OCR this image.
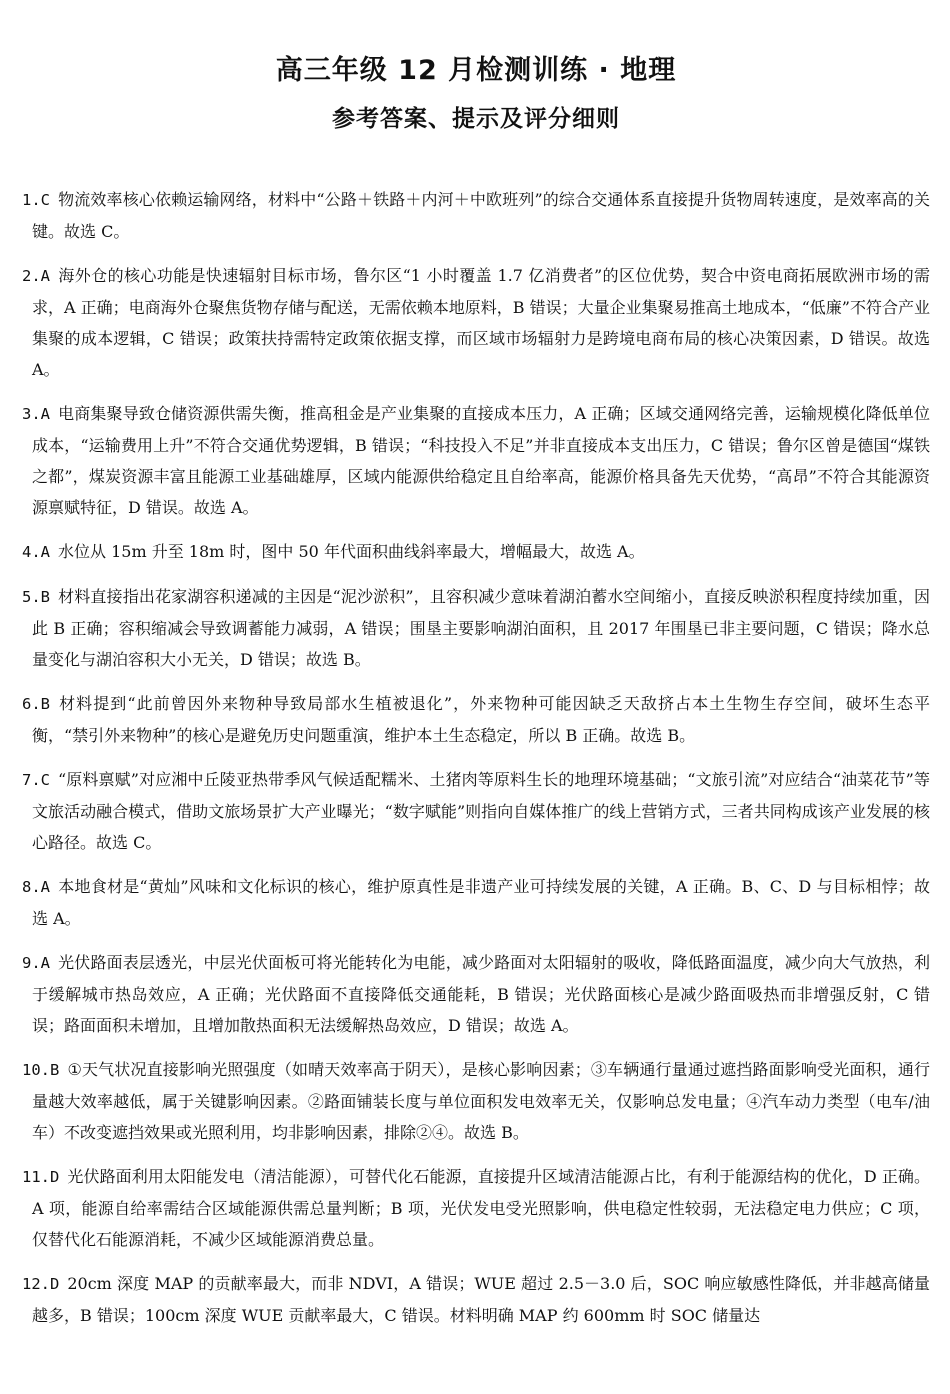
高三年级 12 月检测训练 · 地理
参考答案、提示及评分细则

1.C 物流效率核心依赖运输网络，材料中“公路＋铁路＋内河＋中欧班列”的综合交通体系直接提升货物周转速度，是效率高的关键。故选 C。

2.A 海外仓的核心功能是快速辐射目标市场，鲁尔区“1 小时覆盖 1.7 亿消费者”的区位优势，契合中资电商拓展欧洲市场的需求，A 正确；电商海外仓聚焦货物存储与配送，无需依赖本地原料，B 错误；大量企业集聚易推高土地成本，“低廉”不符合产业集聚的成本逻辑，C 错误；政策扶持需特定政策依据支撑，而区域市场辐射力是跨境电商布局的核心决策因素，D 错误。故选 A。

3.A 电商集聚导致仓储资源供需失衡，推高租金是产业集聚的直接成本压力，A 正确；区域交通网络完善，运输规模化降低单位成本，“运输费用上升”不符合交通优势逻辑，B 错误；“科技投入不足”并非直接成本支出压力，C 错误；鲁尔区曾是德国“煤铁之都”，煤炭资源丰富且能源工业基础雄厚，区域内能源供给稳定且自给率高，能源价格具备先天优势，“高昂”不符合其能源资源禀赋特征，D 错误。故选 A。

4.A 水位从 15m 升至 18m 时，图中 50 年代面积曲线斜率最大，增幅最大，故选 A。

5.B 材料直接指出花家湖容积递减的主因是“泥沙淤积”，且容积减少意味着湖泊蓄水空间缩小，直接反映淤积程度持续加重，因此 B 正确；容积缩减会导致调蓄能力减弱，A 错误；围垦主要影响湖泊面积，且 2017 年围垦已非主要问题，C 错误；降水总量变化与湖泊容积大小无关，D 错误；故选 B。

6.B 材料提到“此前曾因外来物种导致局部水生植被退化”，外来物种可能因缺乏天敌挤占本土生物生存空间，破坏生态平衡，“禁引外来物种”的核心是避免历史问题重演，维护本土生态稳定，所以 B 正确。故选 B。

7.C “原料禀赋”对应湘中丘陵亚热带季风气候适配糯米、土猪肉等原料生长的地理环境基础；“文旅引流”对应结合“油菜花节”等文旅活动融合模式，借助文旅场景扩大产业曝光；“数字赋能”则指向自媒体推广的线上营销方式，三者共同构成该产业发展的核心路径。故选 C。

8.A 本地食材是“黄灿”风味和文化标识的核心，维护原真性是非遗产业可持续发展的关键，A 正确。B、C、D 与目标相悖；故选 A。

9.A 光伏路面表层透光，中层光伏面板可将光能转化为电能，减少路面对太阳辐射的吸收，降低路面温度，减少向大气放热，利于缓解城市热岛效应，A 正确；光伏路面不直接降低交通能耗，B 错误；光伏路面核心是减少路面吸热而非增强反射，C 错误；路面面积未增加，且增加散热面积无法缓解热岛效应，D 错误；故选 A。

10.B ①天气状况直接影响光照强度（如晴天效率高于阴天），是核心影响因素；③车辆通行量通过遮挡路面影响受光面积，通行量越大效率越低，属于关键影响因素。②路面铺装长度与单位面积发电效率无关，仅影响总发电量；④汽车动力类型（电车/油车）不改变遮挡效果或光照利用，均非影响因素，排除②④。故选 B。

11.D 光伏路面利用太阳能发电（清洁能源），可替代化石能源，直接提升区域清洁能源占比，有利于能源结构的优化，D 正确。A 项，能源自给率需结合区域能源供需总量判断；B 项，光伏发电受光照影响，供电稳定性较弱，无法稳定电力供应；C 项，仅替代化石能源消耗，不减少区域能源消费总量。

12.D 20cm 深度 MAP 的贡献率最大，而非 NDVI，A 错误；WUE 超过 2.5－3.0 后，SOC 响应敏感性降低，并非越高储量越多，B 错误；100cm 深度 WUE 贡献率最大，C 错误。材料明确 MAP 约 600mm 时 SOC 储量达
